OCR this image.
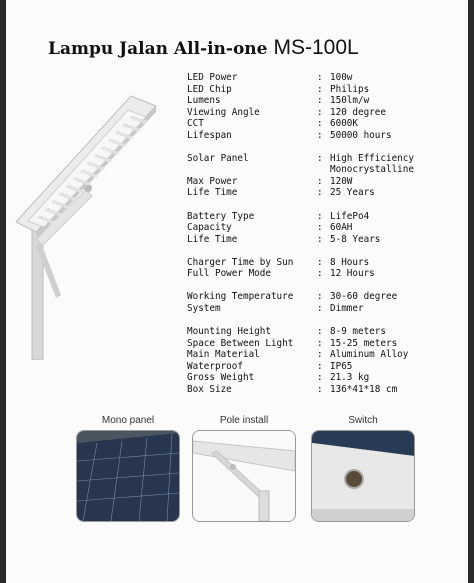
Lampu Jalan All-in-one MS-100L
LED Power	: 100w
LED Chip	: Philips
Lumens	: 150lm/w
Viewing Angle	: 120 degree
CCT	: 6000K
Lifespan	: 50000 hours
Solar Panel	: High Efficiency
Monocrystalline
Max Power	: 120W
Life Time	: 25 Years
Battery Type	: LifePo4
Capacity	: 60AH
Life Time	: 5-8 Years
Charger Time by Sun	: 8 Hours
Full Power Mode	: 12 Hours
Working Temperature	: 30-60 degree
System	: Dimmer
Mounting Height	: 8-9 meters
Space Between Light	: 15-25 meters
Main Material	: Aluminum Alloy
Waterproof	: IP65
Gross Weight	: 21.3 kg
Box Size	: 136*41*18 cm
Mono panel	Pole install	Switch
